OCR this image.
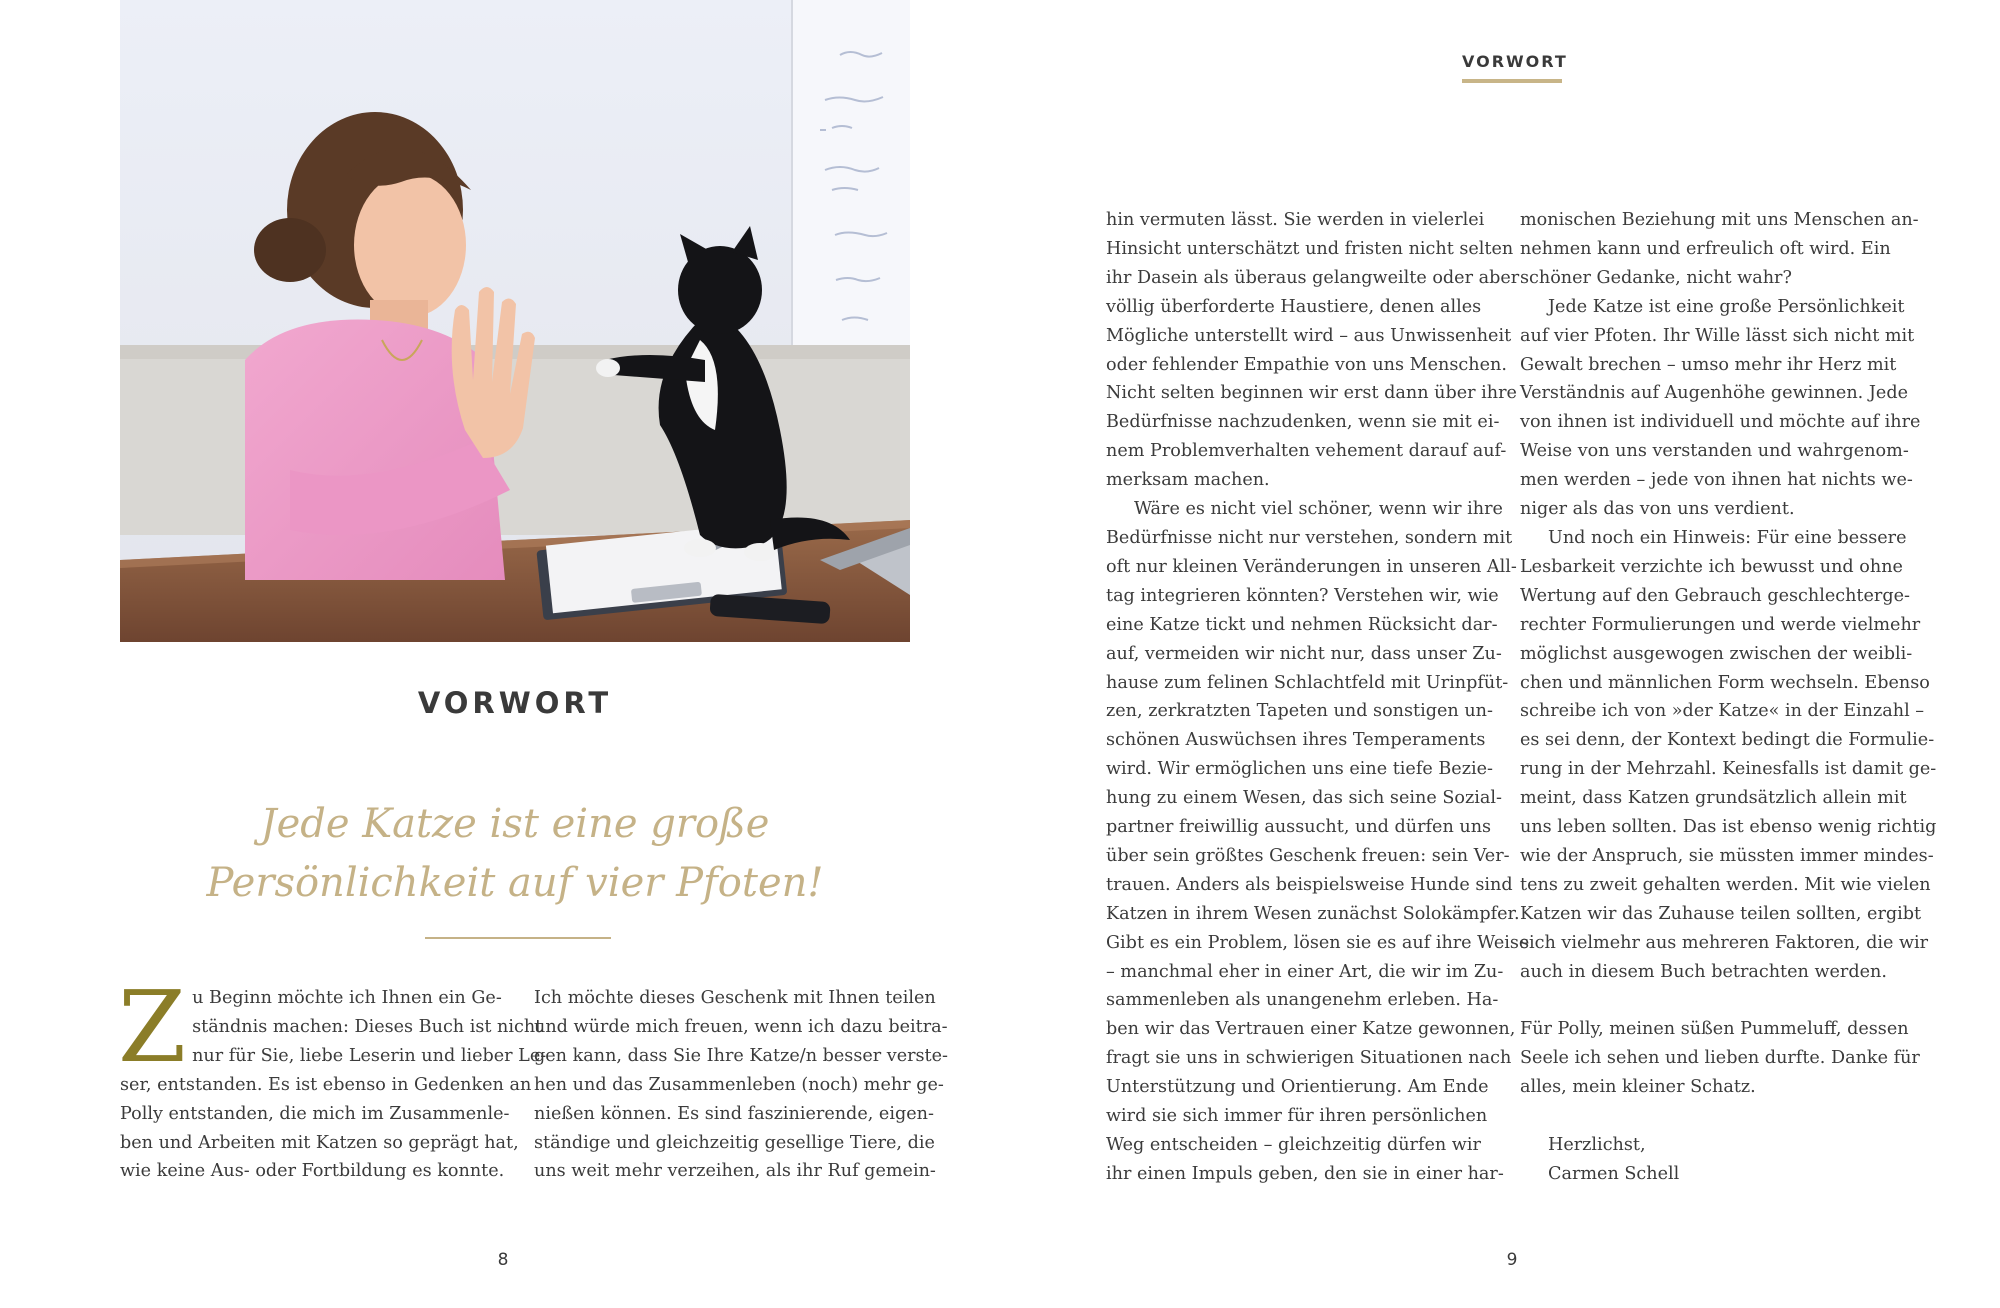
VORWORT
Jede Katze ist eine große
Persönlichkeit auf vier Pfoten!
Z u Beginn möchte ich Ihnen ein Ge-
ständnis machen: Dieses Buch ist nicht
nur für Sie, liebe Leserin und lieber Le-
ser, entstanden. Es ist ebenso in Gedenken an
Polly entstanden, die mich im Zusammenle-
ben und Arbeiten mit Katzen so geprägt hat,
wie keine Aus- oder Fortbildung es konnte.
Ich möchte dieses Geschenk mit Ihnen teilen
und würde mich freuen, wenn ich dazu beitra-
gen kann, dass Sie Ihre Katze/n besser verste-
hen und das Zusammenleben (noch) mehr ge-
nießen können. Es sind faszinierende, eigen-
ständige und gleichzeitig gesellige Tiere, die
uns weit mehr verzeihen, als ihr Ruf gemein-
8
VORWORT
hin vermuten lässt. Sie werden in vielerlei
Hinsicht unterschätzt und fristen nicht selten
ihr Dasein als überaus gelangweilte oder aber
völlig überforderte Haustiere, denen alles
Mögliche unterstellt wird – aus Unwissenheit
oder fehlender Empathie von uns Menschen.
Nicht selten beginnen wir erst dann über ihre
Bedürfnisse nachzudenken, wenn sie mit ei-
nem Problemverhalten vehement darauf auf-
merksam machen.
Wäre es nicht viel schöner, wenn wir ihre
Bedürfnisse nicht nur verstehen, sondern mit
oft nur kleinen Veränderungen in unseren All-
tag integrieren könnten? Verstehen wir, wie
eine Katze tickt und nehmen Rücksicht dar-
auf, vermeiden wir nicht nur, dass unser Zu-
hause zum felinen Schlachtfeld mit Urinpfüt-
zen, zerkratzten Tapeten und sonstigen un-
schönen Auswüchsen ihres Temperaments
wird. Wir ermöglichen uns eine tiefe Bezie-
hung zu einem Wesen, das sich seine Sozial-
partner freiwillig aussucht, und dürfen uns
über sein größtes Geschenk freuen: sein Ver-
trauen. Anders als beispielsweise Hunde sind
Katzen in ihrem Wesen zunächst Solokämpfer.
Gibt es ein Problem, lösen sie es auf ihre Weise
– manchmal eher in einer Art, die wir im Zu-
sammenleben als unangenehm erleben. Ha-
ben wir das Vertrauen einer Katze gewonnen,
fragt sie uns in schwierigen Situationen nach
Unterstützung und Orientierung. Am Ende
wird sie sich immer für ihren persönlichen
Weg entscheiden – gleichzeitig dürfen wir
ihr einen Impuls geben, den sie in einer har-
monischen Beziehung mit uns Menschen an-
nehmen kann und erfreulich oft wird. Ein
schöner Gedanke, nicht wahr?
Jede Katze ist eine große Persönlichkeit
auf vier Pfoten. Ihr Wille lässt sich nicht mit
Gewalt brechen – umso mehr ihr Herz mit
Verständnis auf Augenhöhe gewinnen. Jede
von ihnen ist individuell und möchte auf ihre
Weise von uns verstanden und wahrgenom-
men werden – jede von ihnen hat nichts we-
niger als das von uns verdient.
Und noch ein Hinweis: Für eine bessere
Lesbarkeit verzichte ich bewusst und ohne
Wertung auf den Gebrauch geschlechterge-
rechter Formulierungen und werde vielmehr
möglichst ausgewogen zwischen der weibli-
chen und männlichen Form wechseln. Ebenso
schreibe ich von »der Katze« in der Einzahl –
es sei denn, der Kontext bedingt die Formulie-
rung in der Mehrzahl. Keinesfalls ist damit ge-
meint, dass Katzen grundsätzlich allein mit
uns leben sollten. Das ist ebenso wenig richtig
wie der Anspruch, sie müssten immer mindes-
tens zu zweit gehalten werden. Mit wie vielen
Katzen wir das Zuhause teilen sollten, ergibt
sich vielmehr aus mehreren Faktoren, die wir
auch in diesem Buch betrachten werden.
Für Polly, meinen süßen Pummeluff, dessen
Seele ich sehen und lieben durfte. Danke für
alles, mein kleiner Schatz.

Herzlichst,

Carmen Schell

9
